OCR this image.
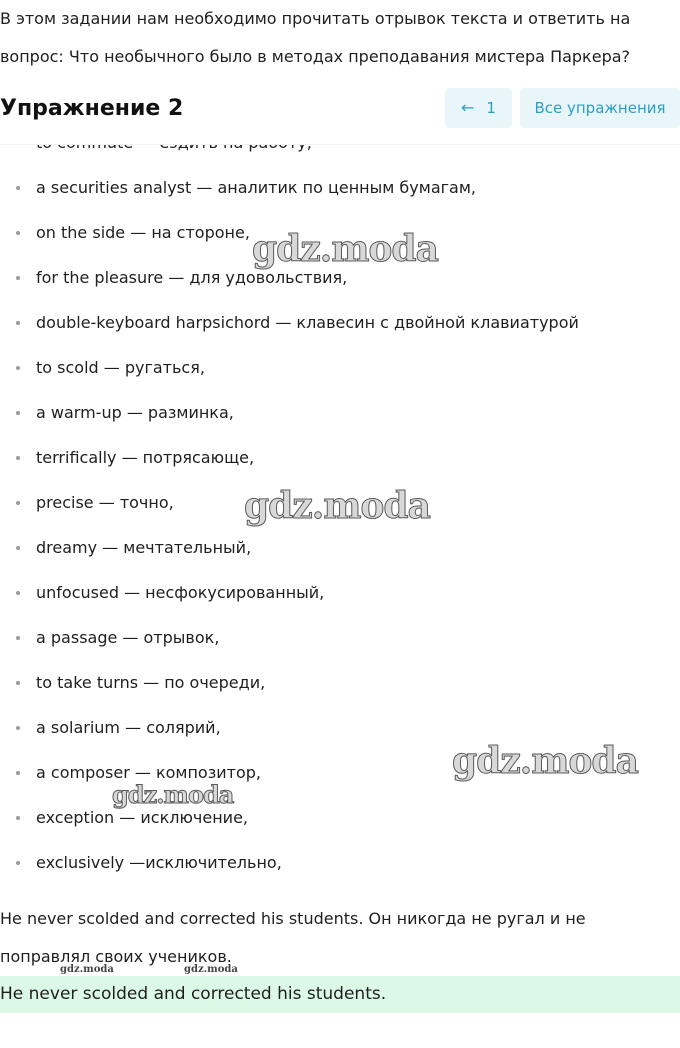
В этом задании нам необходимо прочитать отрывок текста и ответить на вопрос: Что необычного было в методах преподавания мистера Паркера?
a securities analyst — аналитик по ценным бумагам,
on the side — на стороне,
for the pleasure — для удовольствия,
double-keyboard harpsichord — клавесин с двойной клавиатурой
to scold — ругаться,
a warm-up — разминка,
terrifically — потрясающе,
precise — точно,
dreamy — мечтательный,
unfocused — несфокусированный,
a passage — отрывок,
to take turns — по очереди,
a solarium — солярий,
a composer — композитор,
exception — исключение,
exclusively —исключительно,
Упражнение 2	← 1	Все упражнения
He never scolded and corrected his students. Он никогда не ругал и не поправлял своих учеников.
He never scolded and corrected his students.
gdz.moda
gdz.moda
gdz.moda
gdz.moda
gdz.moda	gdz.moda
